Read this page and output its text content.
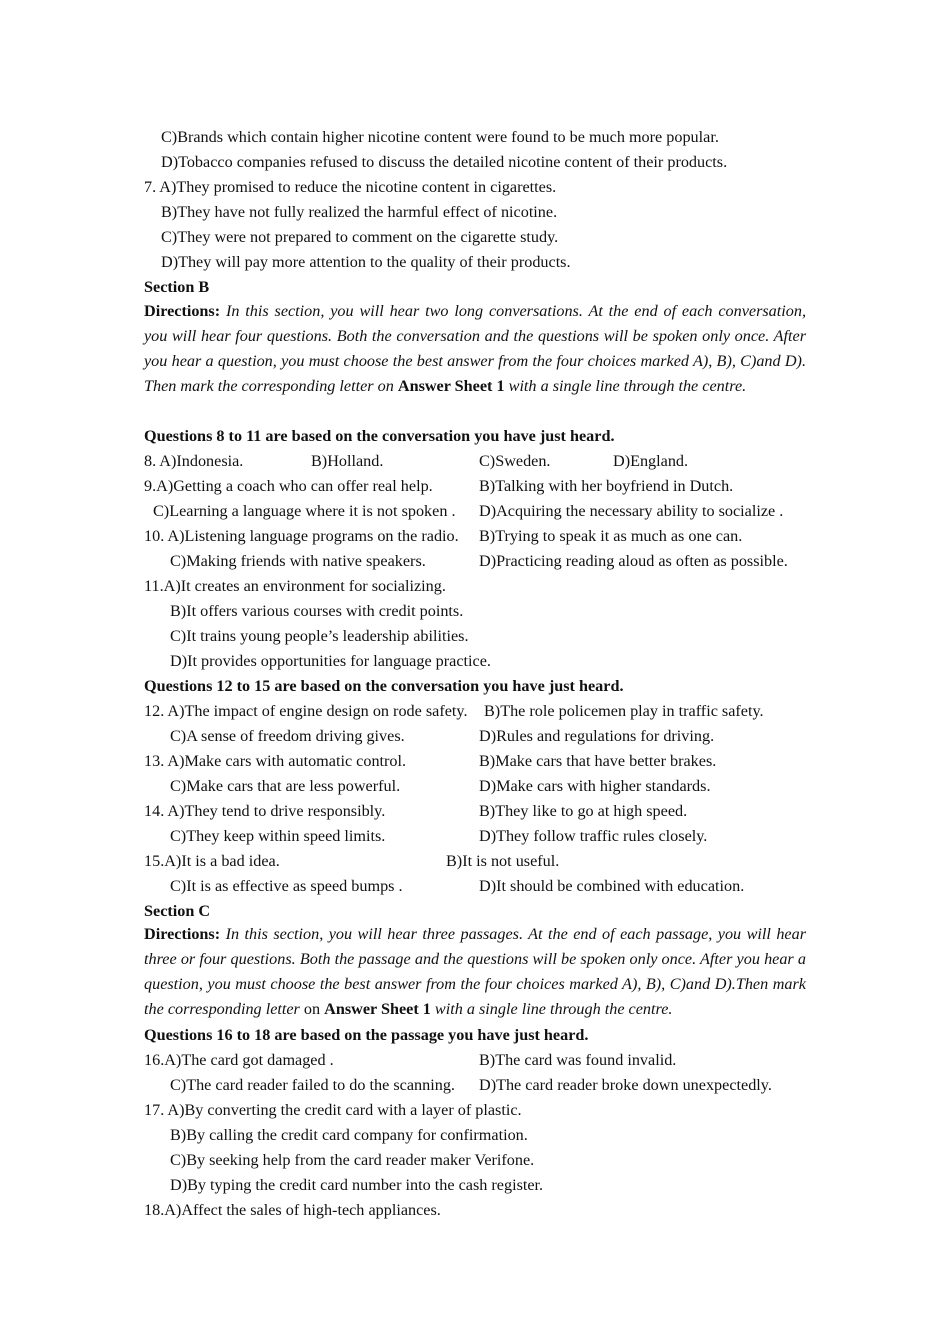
C)Brands which contain higher nicotine content were found to be much more popular.
D)Tobacco companies refused to discuss the detailed nicotine content of their products.
7. A)They promised to reduce the nicotine content in cigarettes.
B)They have not fully realized the harmful effect of nicotine.
C)They were not prepared to comment on the cigarette study.
D)They will pay more attention to the quality of their products.
Section B
Directions: In this section, you will hear two long conversations. At the end of each conversation, you will hear four questions. Both the conversation and the questions will be spoken only once. After you hear a question, you must choose the best answer from the four choices marked A), B), C)and D). Then mark the corresponding letter on Answer Sheet 1 with a single line through the centre.
Questions 8 to 11 are based on the conversation you have just heard.
8. A)Indonesia.	B)Holland.	C)Sweden.	D)England.
9.A)Getting a coach who can offer real help.	B)Talking with her boyfriend in Dutch.
C)Learning a language where it is not spoken . D)Acquiring the necessary ability to socialize .
10. A)Listening language programs on the radio. B)Trying to speak it as much as one can.
C)Making friends with native speakers.	D)Practicing reading aloud as often as possible.
11.A)It creates an environment for socializing.
B)It offers various courses with credit points.
C)It trains young people’s leadership abilities.
D)It provides opportunities for language practice.
Questions 12 to 15 are based on the conversation you have just heard.
12. A)The impact of engine design on rode safety. B)The role policemen play in traffic safety.
C)A sense of freedom driving gives.	D)Rules and regulations for driving.
13. A)Make cars with automatic control.	B)Make cars that have better brakes.
C)Make cars that are less powerful.	D)Make cars with higher standards.
14. A)They tend to drive responsibly.	B)They like to go at high speed.
C)They keep within speed limits.	D)They follow traffic rules closely.
15.A)It is a bad idea.	B)It is not useful.
C)It is as effective as speed bumps .	D)It should be combined with education.
Section C
Directions: In this section, you will hear three passages. At the end of each passage, you will hear three or four questions. Both the passage and the questions will be spoken only once. After you hear a question, you must choose the best answer from the four choices marked A), B), C)and D).Then mark the corresponding letter on Answer Sheet 1 with a single line through the centre.
Questions 16 to 18 are based on the passage you have just heard.
16.A)The card got damaged .	B)The card was found invalid.
C)The card reader failed to do the scanning. D)The card reader broke down unexpectedly.
17. A)By converting the credit card with a layer of plastic.
B)By calling the credit card company for confirmation.
C)By seeking help from the card reader maker Verifone.
D)By typing the credit card number into the cash register.
18.A)Affect the sales of high-tech appliances.
